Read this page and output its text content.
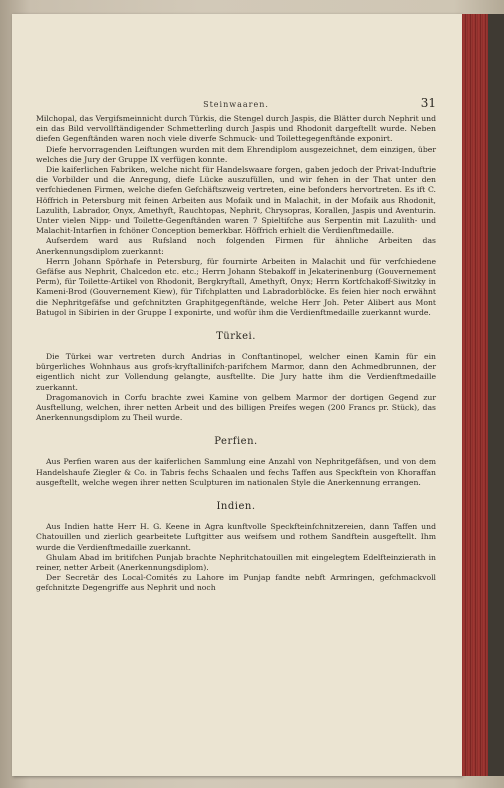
Steinwaaren.	31

Milchopal, das Vergifsmeinnicht durch Türkis, die Stengel durch Jaspis, die Blätter durch Nephrit und ein das Bild vervollftändigender Schmetterling durch Jaspis und Rhodonit dargeftellt wurde. Neben diefen Gegenftänden waren noch viele diverfe Schmuck- und Toilettegegenftände exponirt.

Diefe hervorragenden Leiftungen wurden mit dem Ehrendiplom ausgezeichnet, dem einzigen, über welches die Jury der Gruppe IX verfügen konnte.

Die kaiferlichen Fabriken, welche nicht für Handelswaare forgen, gaben jedoch der Privat-Induftrie die Vorbilder und die Anregung, diefe Lücke auszufüllen, und wir fehen in der That unter den verfchiedenen Firmen, welche diefen Gefchäftszweig vertreten, eine befonders hervortreten. Es ift C. Höffrich in Petersburg mit feinen Arbeiten aus Mofaik und in Malachit, in der Mofaik aus Rhodonit, Lazulith, Labrador, Onyx, Amethyft, Rauchtopas, Nephrit, Chrysopras, Korallen, Jaspis und Aventurin. Unter vielen Nipp- und Toilette-Gegenftänden waren 7 Spieltifche aus Serpentin mit Lazulith- und Malachit-Intarfien in fchöner Conception bemerkbar. Höffrich erhielt die Verdienftmedaille.

Aufserdem ward aus Rufsland noch folgenden Firmen für ähnliche Arbeiten das Anerkennungsdiplom zuerkannt:

Herrn Johann Spörhafe in Petersburg, für fournirte Arbeiten in Malachit und für verfchiedene Gefäfse aus Nephrit, Chalcedon etc. etc.; Herrn Johann Stebakoff in Jekaterinenburg (Gouvernement Perm), für Toilette-Artikel von Rhodonit, Bergkryftall, Amethyft, Onyx; Herrn Kortfchakoff-Siwitzky in Kameni-Brod (Gouvernement Kiew), für Tifchplatten und Labradorblöcke. Es feien hier noch erwähnt die Nephritgefäfse und gefchnitzten Graphitgegenftände, welche Herr Joh. Peter Alibert aus Mont Batugol in Sibirien in der Gruppe I exponirte, und wofür ihm die Verdienftmedaille zuerkannt wurde.

Türkei.

Die Türkei war vertreten durch Andrias in Conftantinopel, welcher einen Kamin für ein bürgerliches Wohnhaus aus grofs-kryftallinifch-parifchem Marmor, dann den Achmedbrunnen, der eigentlich nicht zur Vollendung gelangte, ausftellte. Die Jury hatte ihm die Verdienftmedaille zuerkannt.

Dragomanovich in Corfu brachte zwei Kamine von gelbem Marmor der dortigen Gegend zur Ausftellung, welchen, ihrer netten Arbeit und des billigen Preifes wegen (200 Francs pr. Stück), das Anerkennungsdiplom zu Theil wurde.

Perfien.

Aus Perfien waren aus der kaiferlichen Sammlung eine Anzahl von Nephritgefäfsen, und von dem Handelshaufe Ziegler & Co. in Tabris fechs Schaalen und fechs Taffen aus Speckftein von Khoraffan ausgeftellt, welche wegen ihrer netten Sculpturen im nationalen Style die Anerkennung errangen.

Indien.

Aus Indien hatte Herr H. G. Keene in Agra kunftvolle Speckfteinfchnitzereien, dann Taffen und Chatouillen und zierlich gearbeitete Luftgitter aus weifsem und rothem Sandftein ausgeftellt. Ihm wurde die Verdienftmedaille zuerkannt.

Ghulam Abad im britifchen Punjab brachte Nephritchatouillen mit eingelegtem Edelfteinzierath in reiner, netter Arbeit (Anerkennungsdiplom).

Der Secretär des Local-Comités zu Lahore im Punjap fandte nebft Armringen, gefchmackvoll gefchnitzte Degengriffe aus Nephrit und noch
